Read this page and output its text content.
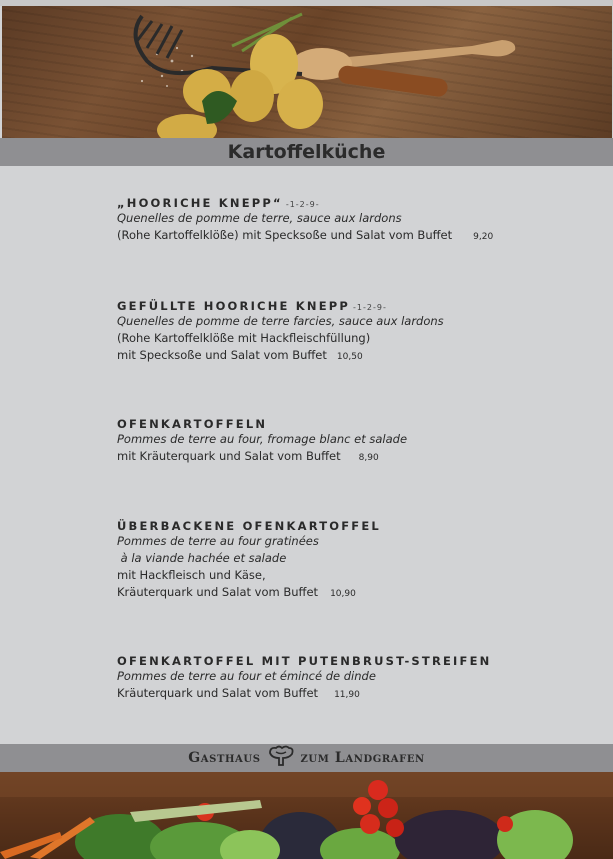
Kartoffelküche
„HOORICHE KNEPP“ -1-2-9-
Quenelles de pomme de terre, sauce aux lardons
(Rohe Kartoffelklöße) mit Specksoße und Salat vom Buffet 9,20
GEFÜLLTE HOORICHE KNEPP -1-2-9-
Quenelles de pomme de terre farcies, sauce aux lardons
(Rohe Kartoffelklöße mit Hackfleischfüllung)
mit Specksoße und Salat vom Buffet 10,50
OFENKARTOFFELN
Pommes de terre au four, fromage blanc et salade
mit Kräuterquark und Salat vom Buffet 8,90
ÜBERBACKENE OFENKARTOFFEL
Pommes de terre au four gratinées
à la viande hachée et salade
mit Hackfleisch und Käse,
Kräuterquark und Salat vom Buffet 10,90
OFENKARTOFFEL MIT PUTENBRUST-STREIFEN
Pommes de terre au four et émincé de dinde
Kräuterquark und Salat vom Buffet 11,90
Gasthaus	zum Landgrafen
